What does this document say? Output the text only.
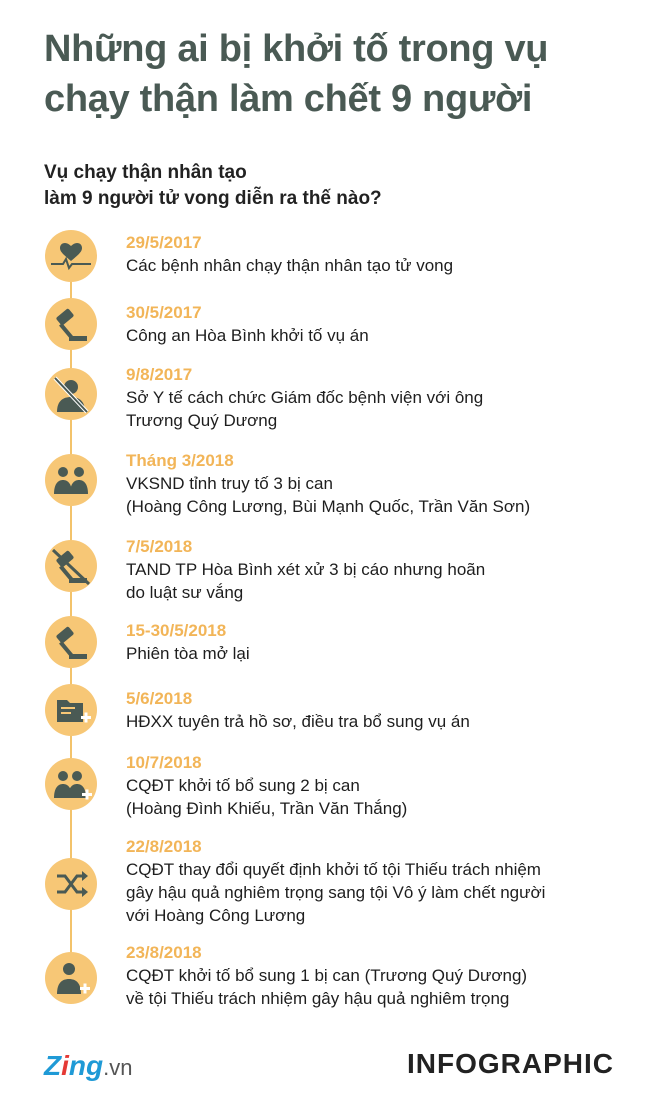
Những ai bị khởi tố trong vụ
chạy thận làm chết 9 người
Vụ chạy thận nhân tạo
làm 9 người tử vong diễn ra thế nào?
29/5/2017
Các bệnh nhân chạy thận nhân tạo tử vong
30/5/2017
Công an Hòa Bình khởi tố vụ án
9/8/2017
Sở Y tế cách chức Giám đốc bệnh viện với ông
Trương Quý Dương
Tháng 3/2018
VKSND tỉnh truy tố 3 bị can
(Hoàng Công Lương, Bùi Mạnh Quốc, Trần Văn Sơn)
7/5/2018
TAND TP Hòa Bình xét xử 3 bị cáo nhưng hoãn
do luật sư vắng
15-30/5/2018
Phiên tòa mở lại
5/6/2018
HĐXX tuyên trả hồ sơ, điều tra bổ sung vụ án
10/7/2018
CQĐT khởi tố bổ sung 2 bị can
(Hoàng Đình Khiếu, Trần Văn Thắng)
22/8/2018
CQĐT thay đổi quyết định khởi tố tội Thiếu trách nhiệm
gây hậu quả nghiêm trọng sang tội Vô ý làm chết người
với Hoàng Công Lương
23/8/2018
CQĐT khởi tố bổ sung 1 bị can (Trương Quý Dương)
về tội Thiếu trách nhiệm gây hậu quả nghiêm trọng
Zing.vn	INFOGRAPHIC
